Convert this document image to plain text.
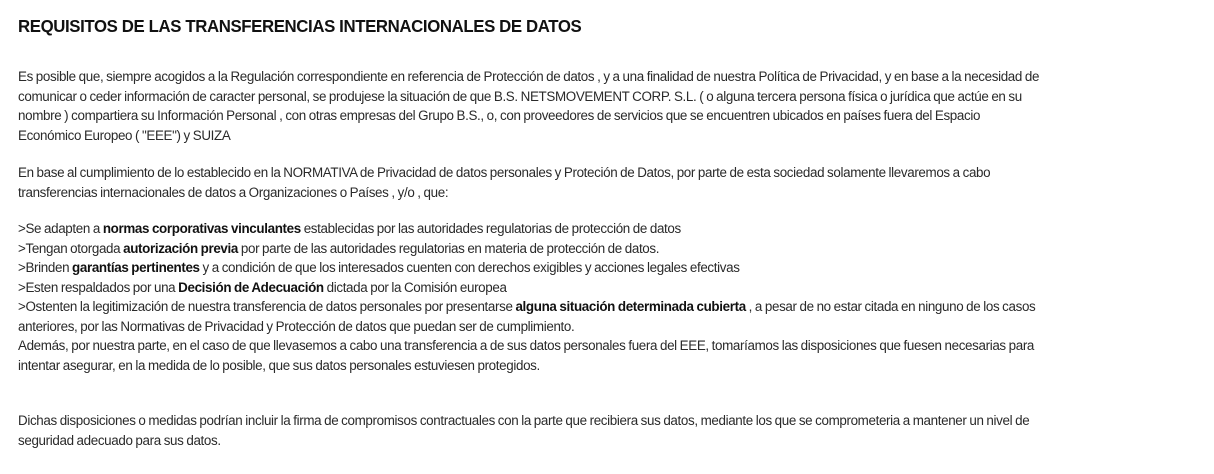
REQUISITOS DE LAS TRANSFERENCIAS INTERNACIONALES DE DATOS

Es posible que, siempre acogidos a la Regulación correspondiente en referencia de Protección de datos , y a una finalidad de nuestra Política de Privacidad, y en base a la necesidad de
comunicar o ceder información de caracter personal, se produjese la situación de que B.S. NETSMOVEMENT CORP. S.L. ( o alguna tercera persona física o jurídica que actúe en su
nombre ) compartiera su Información Personal , con otras empresas del Grupo B.S., o, con proveedores de servicios que se encuentren ubicados en países fuera del Espacio
Económico Europeo ( "EEE") y SUIZA

En base al cumplimiento de lo establecido en la NORMATIVA de Privacidad de datos personales y Proteción de Datos, por parte de esta sociedad solamente llevaremos a cabo
transferencias internacionales de datos a Organizaciones o Países , y/o , que:

>Se adapten a normas corporativas vinculantes establecidas por las autoridades regulatorias de protección de datos
>Tengan otorgada autorización previa por parte de las autoridades regulatorias en materia de protección de datos.
>Brinden garantías pertinentes y a condición de que los interesados cuenten con derechos exigibles y acciones legales efectivas
>Esten respaldados por una Decisión de Adecuación dictada por la Comisión europea
>Ostenten la legitimización de nuestra transferencia de datos personales por presentarse alguna situación determinada cubierta , a pesar de no estar citada en ninguno de los casos
anteriores, por las Normativas de Privacidad y Protección de datos que puedan ser de cumplimiento.
Además, por nuestra parte, en el caso de que llevasemos a cabo una transferencia a de sus datos personales fuera del EEE, tomaríamos las disposiciones que fuesen necesarias para
intentar asegurar, en la medida de lo posible, que sus datos personales estuviesen protegidos.

Dichas disposiciones o medidas podrían incluir la firma de compromisos contractuales con la parte que recibiera sus datos, mediante los que se comprometeria a mantener un nivel de
seguridad adecuado para sus datos.
